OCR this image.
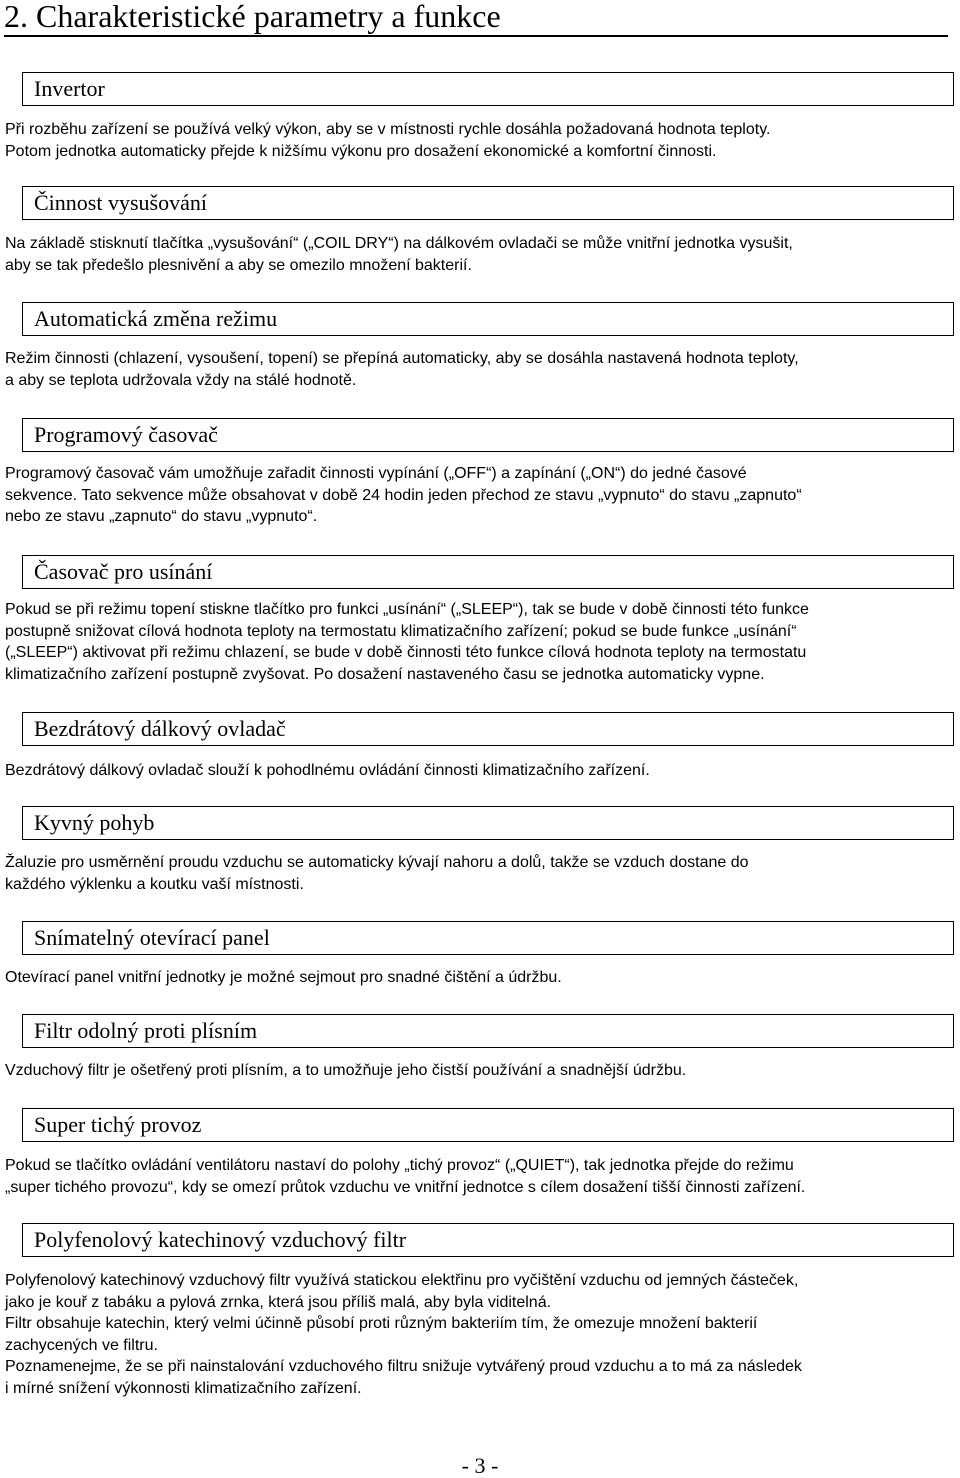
2. Charakteristické parametry a funkce
Invertor

Při rozběhu zařízení se používá velký výkon, aby se v místnosti rychle dosáhla požadovaná hodnota teploty.
Potom jednotka automaticky přejde k nižšímu výkonu pro dosažení ekonomické a komfortní činnosti.

Činnost vysušování

Na základě stisknutí tlačítka „vysušování“ („COIL DRY“) na dálkovém ovladači se může vnitřní jednotka vysušit,
aby se tak předešlo plesnivění a aby se omezilo množení bakterií.

Automatická změna režimu

Režim činnosti (chlazení, vysoušení, topení) se přepíná automaticky, aby se dosáhla nastavená hodnota teploty,
a aby se teplota udržovala vždy na stálé hodnotě.

Programový časovač

Programový časovač vám umožňuje zařadit činnosti vypínání („OFF“) a zapínání („ON“) do jedné časové
sekvence. Tato sekvence může obsahovat v době 24 hodin jeden přechod ze stavu „vypnuto“ do stavu „zapnuto“
nebo ze stavu „zapnuto“ do stavu „vypnuto“.

Časovač pro usínání

Pokud se při režimu topení stiskne tlačítko pro funkci „usínání“ („SLEEP“), tak se bude v době činnosti této funkce
postupně snižovat cílová hodnota teploty na termostatu klimatizačního zařízení; pokud se bude funkce „usínání“
(„SLEEP“) aktivovat při režimu chlazení, se bude v době činnosti této funkce cílová hodnota teploty na termostatu
klimatizačního zařízení postupně zvyšovat. Po dosažení nastaveného času se jednotka automaticky vypne.

Bezdrátový dálkový ovladač

Bezdrátový dálkový ovladač slouží k pohodlnému ovládání činnosti klimatizačního zařízení.

Kyvný pohyb

Žaluzie pro usměrnění proudu vzduchu se automaticky kývají nahoru a dolů, takže se vzduch dostane do
každého výklenku a koutku vaší místnosti.

Snímatelný otevírací panel

Otevírací panel vnitřní jednotky je možné sejmout pro snadné čištění a údržbu.

Filtr odolný proti plísním

Vzduchový filtr je ošetřený proti plísním, a to umožňuje jeho čistší používání a snadnější údržbu.

Super tichý provoz

Pokud se tlačítko ovládání ventilátoru nastaví do polohy „tichý provoz“ („QUIET“), tak jednotka přejde do režimu
„super tichého provozu“, kdy se omezí průtok vzduchu ve vnitřní jednotce s cílem dosažení tišší činnosti zařízení.

Polyfenolový katechinový vzduchový filtr

Polyfenolový katechinový vzduchový filtr využívá statickou elektřinu pro vyčištění vzduchu od jemných částeček,
jako je kouř z tabáku a pylová zrnka, která jsou příliš malá, aby byla viditelná.
Filtr obsahuje katechin, který velmi účinně působí proti různým bakteriím tím, že omezuje množení bakterií
zachycených ve filtru.
Poznamenejme, že se při nainstalování vzduchového filtru snižuje vytvářený proud vzduchu a to má za následek
i mírné snížení výkonnosti klimatizačního zařízení.

- 3 -
